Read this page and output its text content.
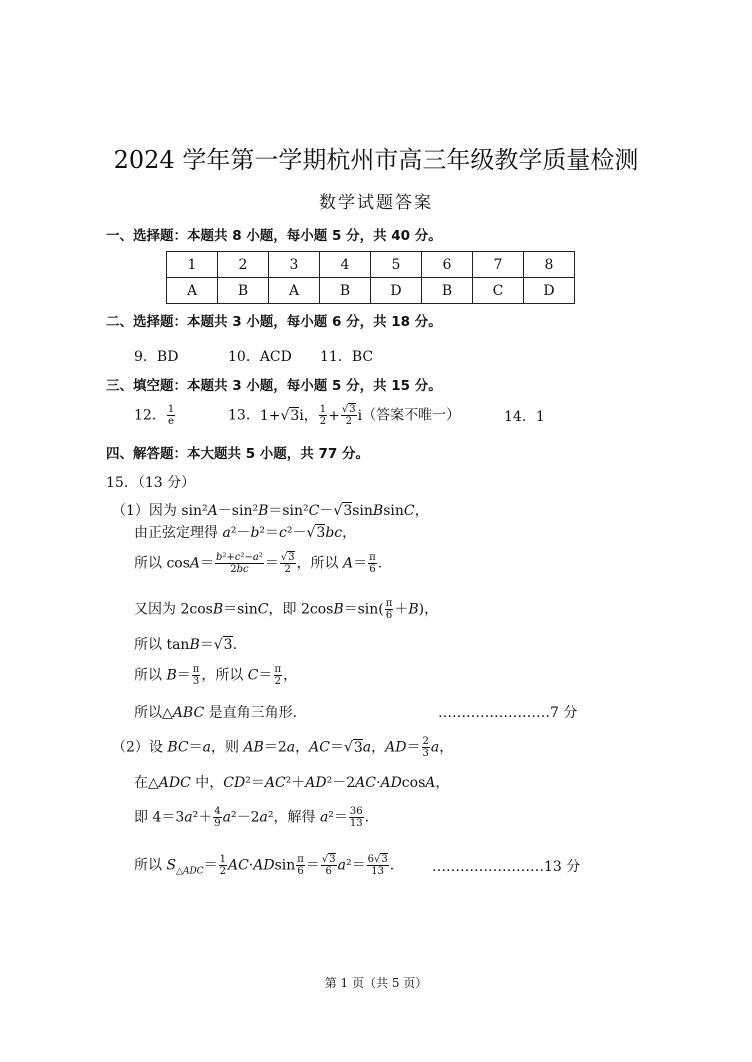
2024 学年第一学期杭州市高三年级教学质量检测
数学试题答案
一、选择题：本题共 8 小题，每小题 5 分，共 40 分。
1	2	3	4	5	6	7	8
A	B	A	B	D	B	C	D
二、选择题：本题共 3 小题，每小题 6 分，共 18 分。
9．BD	10．ACD 11．BC
三、填空题：本题共 3 小题，每小题 5 分，共 15 分。
12． $\frac{1}{e}$	13．1+√3i， $\frac{1}{2} + \frac{√3}{2} i$（答案不唯一）	14．1
四、解答题：本大题共 5 小题，共 77 分。
15．（13 分）
（1）因为 sin²A－sin²B＝sin²C－√3sinBsinC，
由正弦定理得 a²－b²＝c²－√3bc，
所以 $\cos A= \frac{\text{b²+c²−a²}}{2bc} = \frac{√3}{2}$ ，所以 $A= \frac{\pi}{6}$ .
又因为 2cosB＝sinC，即 $2\cos B=\sin( \frac{\pi}{6} +B)$，
所以 tanB＝√3.
所以 $B= \frac{\pi}{3}$ ，所以 $C= \frac{\pi}{2}$ ，
所以△ABC 是直角三角形.	……………………7 分
（2）设 BC＝a，则 AB＝2a，AC＝√3a，$AD= \frac{2}{3}$ a，
在△ADC 中，CD²＝AC²＋AD²－2AC·ADcosA，
即 $4=3a^2+ \frac{4}{9} a^2-2a^2$，解得 $a^2= \frac{36}{13}$ .
所以 $S_{\triangle ADC}= \frac{1}{2} AC\cdot ADsin \frac{\pi}{6} = \frac{√3}{6} a^2= \frac{6√3}{13}$ .	……………………13 分
第 1 页（共 5 页）
